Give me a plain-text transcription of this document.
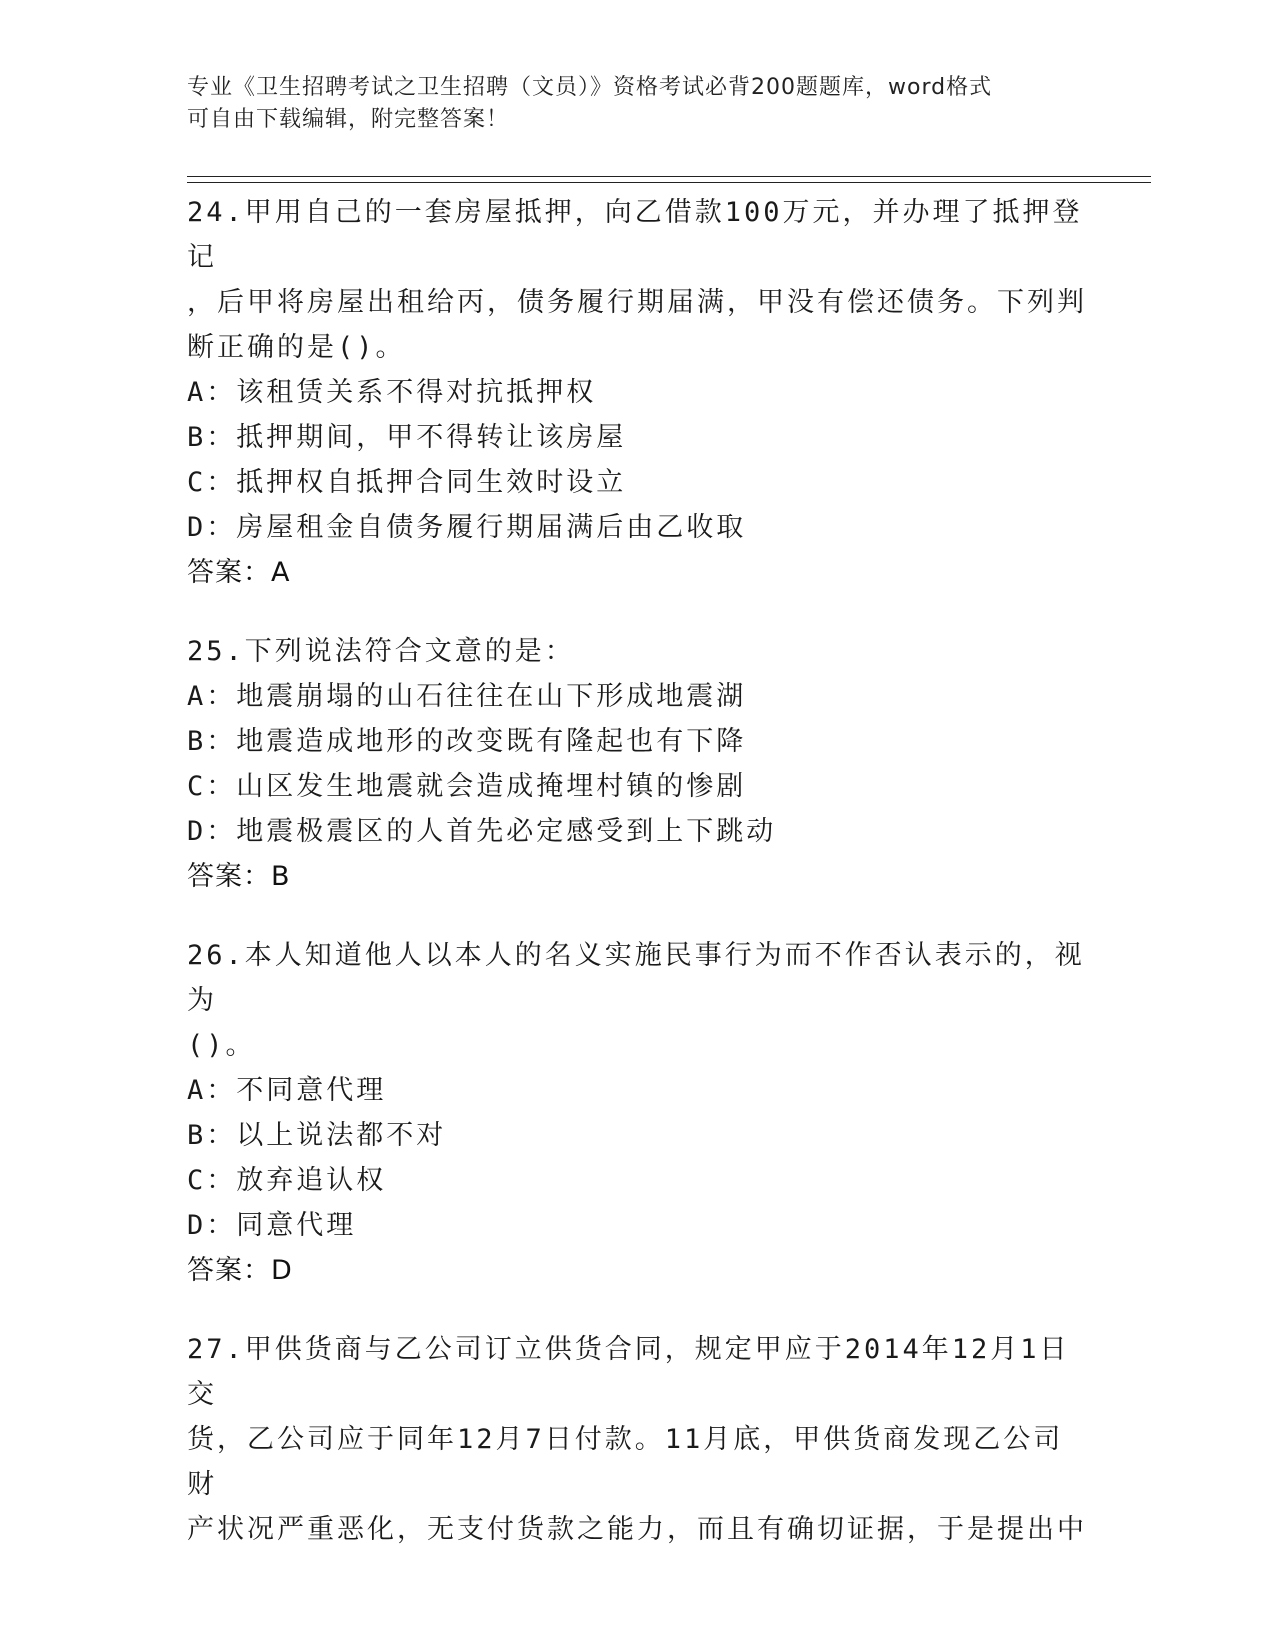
专业《卫生招聘考试之卫生招聘（文员）》资格考试必背200题题库，word格式

可自由下载编辑，附完整答案！

24.甲用自己的一套房屋抵押，向乙借款100万元，并办理了抵押登记

，后甲将房屋出租给丙，债务履行期届满，甲没有偿还债务。下列判

断正确的是()。

A：该租赁关系不得对抗抵押权

B：抵押期间，甲不得转让该房屋

C：抵押权自抵押合同生效时设立

D：房屋租金自债务履行期届满后由乙收取

答案：A

25.下列说法符合文意的是：

A：地震崩塌的山石往往在山下形成地震湖

B：地震造成地形的改变既有隆起也有下降

C：山区发生地震就会造成掩埋村镇的惨剧

D：地震极震区的人首先必定感受到上下跳动

答案：B

26.本人知道他人以本人的名义实施民事行为而不作否认表示的，视为

()。

A：不同意代理

B：以上说法都不对

C：放弃追认权

D：同意代理

答案：D

27.甲供货商与乙公司订立供货合同，规定甲应于2014年12月1日交

货，乙公司应于同年12月7日付款。11月底，甲供货商发现乙公司财

产状况严重恶化，无支付货款之能力，而且有确切证据，于是提出中
